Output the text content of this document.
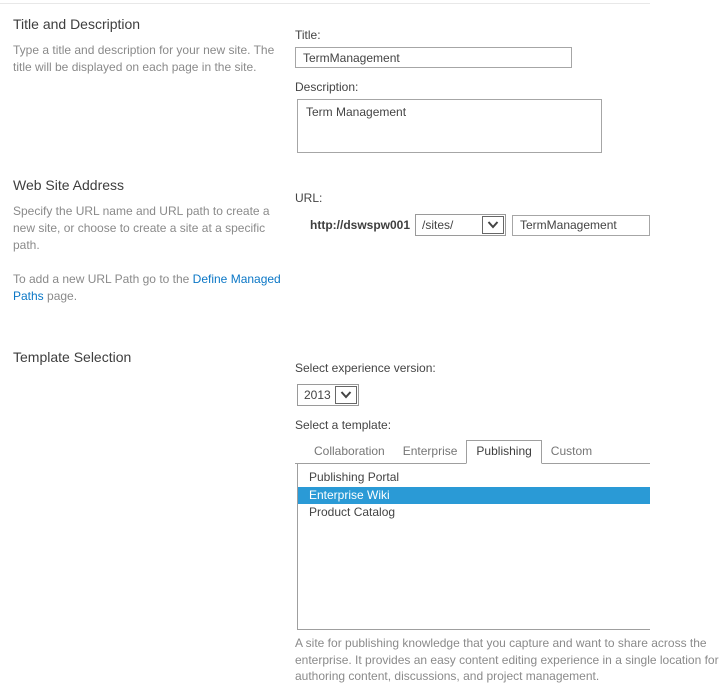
Title and Description

Type a title and description for your new site. The title will be displayed on each page in the site.

Title:
TermManagement
Description:
Term Management
Web Site Address

Specify the URL name and URL path to create a new site, or choose to create a site at a specific path.

To add a new URL Path go to the Define Managed Paths page.

URL:
http://dswspw001 /sites/
TermManagement
Template Selection
Select experience version:
2013
Select a template:
Collaboration	Enterprise	Publishing	Custom
Publishing Portal
Enterprise Wiki
Product Catalog
A site for publishing knowledge that you capture and want to share across the
enterprise. It provides an easy content editing experience in a single location for
authoring content, discussions, and project management.
